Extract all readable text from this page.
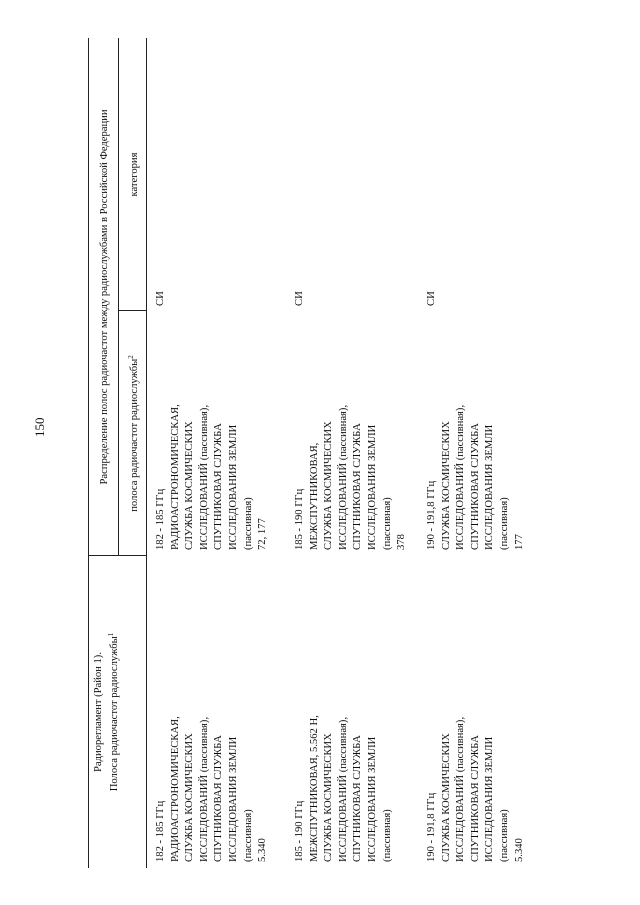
150
Радиорегламент (Район 1). Полоса радиочастот радиослужбы$^1$
Распределение полос радиочастот между радиослужбами в Российской Федерации полоса радиочастот радиослужбы$^2$
категория
182 - 185 ГГц РАДИОАСТРОНОМИЧЕСКАЯ, СЛУЖБА КОСМИЧЕСКИХ ИССЛЕДОВАНИЙ (пассивная), СПУТНИКОВАЯ СЛУЖБА ИССЛЕДОВАНИЯ ЗЕМЛИ (пассивная) 5.340
182 - 185 ГГц РАДИОАСТРОНОМИЧЕСКАЯ, СЛУЖБА КОСМИЧЕСКИХ ИССЛЕДОВАНИЙ (пассивная), СПУТНИКОВАЯ СЛУЖБА ИССЛЕДОВАНИЯ ЗЕМЛИ (пассивная) 72, 177
СИ
185 - 190 ГГц МЕЖСПУТНИКОВАЯ, 5.562 Н, СЛУЖБА КОСМИЧЕСКИХ ИССЛЕДОВАНИЙ (пассивная), СПУТНИКОВАЯ СЛУЖБА ИССЛЕДОВАНИЯ ЗЕМЛИ (пассивная)
185 - 190 ГГц МЕЖСПУТНИКОВАЯ, СЛУЖБА КОСМИЧЕСКИХ ИССЛЕДОВАНИЙ (пассивная), СПУТНИКОВАЯ СЛУЖБА ИССЛЕДОВАНИЯ ЗЕМЛИ (пассивная) 378
СИ
190 - 191,8 ГГц СЛУЖБА КОСМИЧЕСКИХ ИССЛЕДОВАНИЙ (пассивная), СПУТНИКОВАЯ СЛУЖБА ИССЛЕДОВАНИЯ ЗЕМЛИ (пассивная) 5.340
190 - 191,8 ГГц СЛУЖБА КОСМИЧЕСКИХ ИССЛЕДОВАНИЙ (пассивная), СПУТНИКОВАЯ СЛУЖБА ИССЛЕДОВАНИЯ ЗЕМЛИ (пассивная) 177
СИ
